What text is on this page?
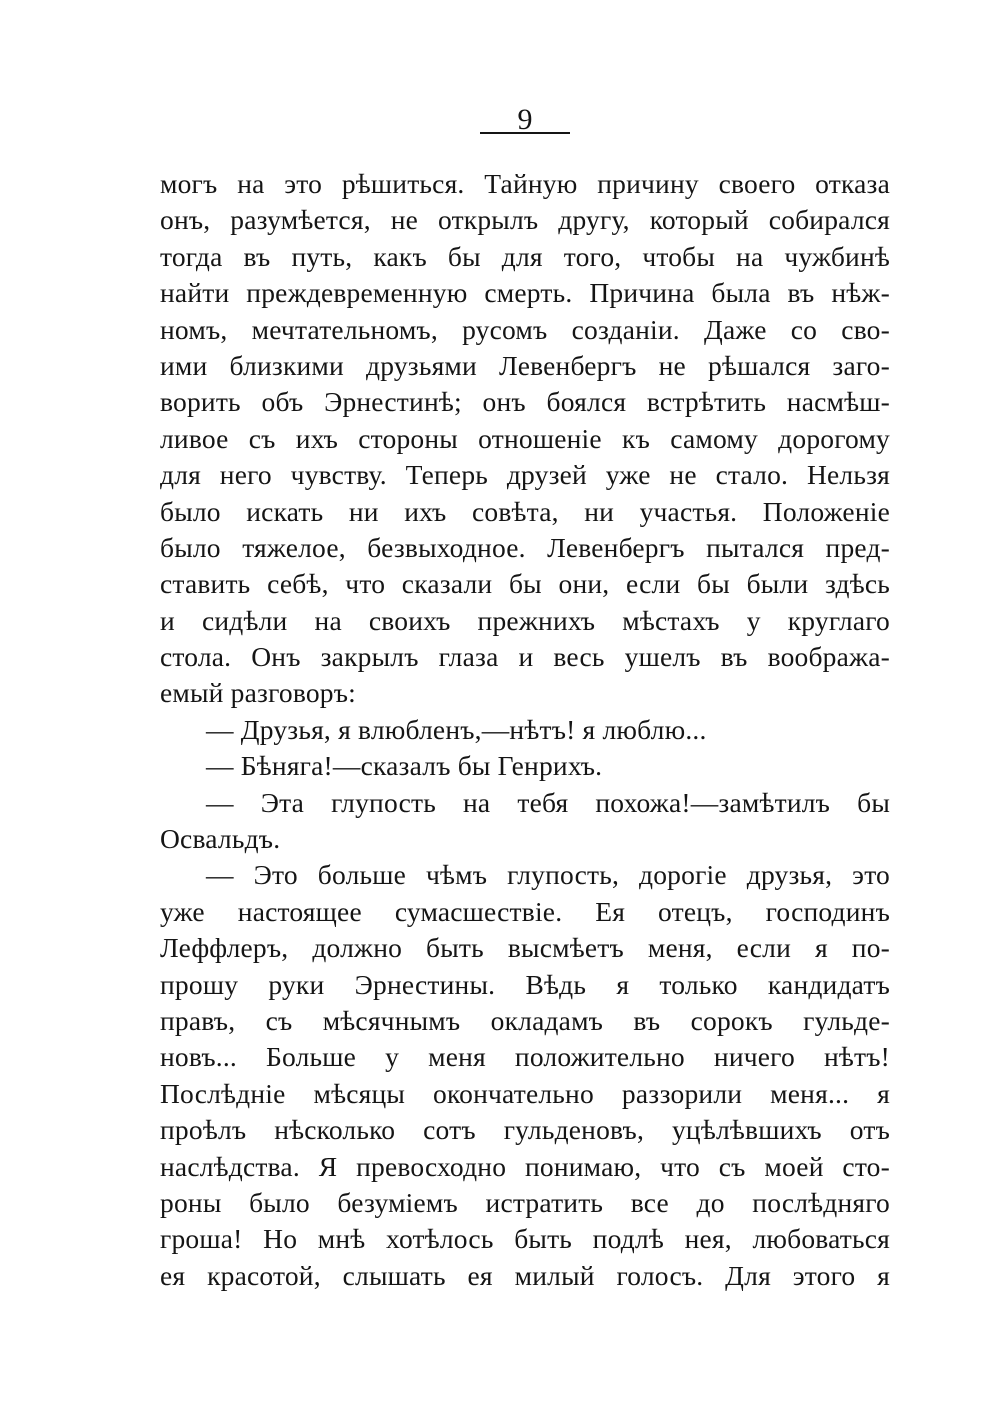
9
могъ на это рѣшиться. Тайную причину своего отказа
онъ, разумѣется, не открылъ другу, который собирался
тогда въ путь, какъ бы для того, чтобы на чужбинѣ
найти преждевременную смерть. Причина была въ нѣж-
номъ, мечтательномъ, русомъ созданіи. Даже со сво-
ими близкими друзьями Левенбергъ не рѣшался заго-
ворить объ Эрнестинѣ; онъ боялся встрѣтить насмѣш-
ливое съ ихъ стороны отношеніе къ самому дорогому
для него чувству. Теперь друзей уже не стало. Нельзя
было искать ни ихъ совѣта, ни участья. Положеніе
было тяжелое, безвыходное. Левенбергъ пытался пред-
ставить себѣ, что сказали бы они, если бы были здѣсь
и сидѣли на своихъ прежнихъ мѣстахъ у круглаго
стола. Онъ закрылъ глаза и весь ушелъ въ вообража-
емый разговоръ:
— Друзья, я влюбленъ,—нѣтъ! я люблю...
— Бѣняга!—сказалъ бы Генрихъ.
— Эта глупость на тебя похожа!—замѣтилъ бы
Освальдъ.
— Это больше чѣмъ глупость, дорогіе друзья, это
уже настоящее сумасшествіе. Ея отецъ, господинъ
Леффлеръ, должно быть высмѣетъ меня, если я по-
прошу руки Эрнестины. Вѣдь я только кандидатъ
правъ, съ мѣсячнымъ окладамъ въ сорокъ гульде-
новъ... Больше у меня положительно ничего нѣтъ!
Послѣдніе мѣсяцы окончательно раззорили меня... я
проѣлъ нѣсколько сотъ гульденовъ, уцѣлѣвшихъ отъ
наслѣдства. Я превосходно понимаю, что съ моей сто-
роны было безуміемъ истратить все до послѣдняго
гроша! Но мнѣ хотѣлось быть подлѣ нея, любоваться
ея красотой, слышать ея милый голосъ. Для этого я
